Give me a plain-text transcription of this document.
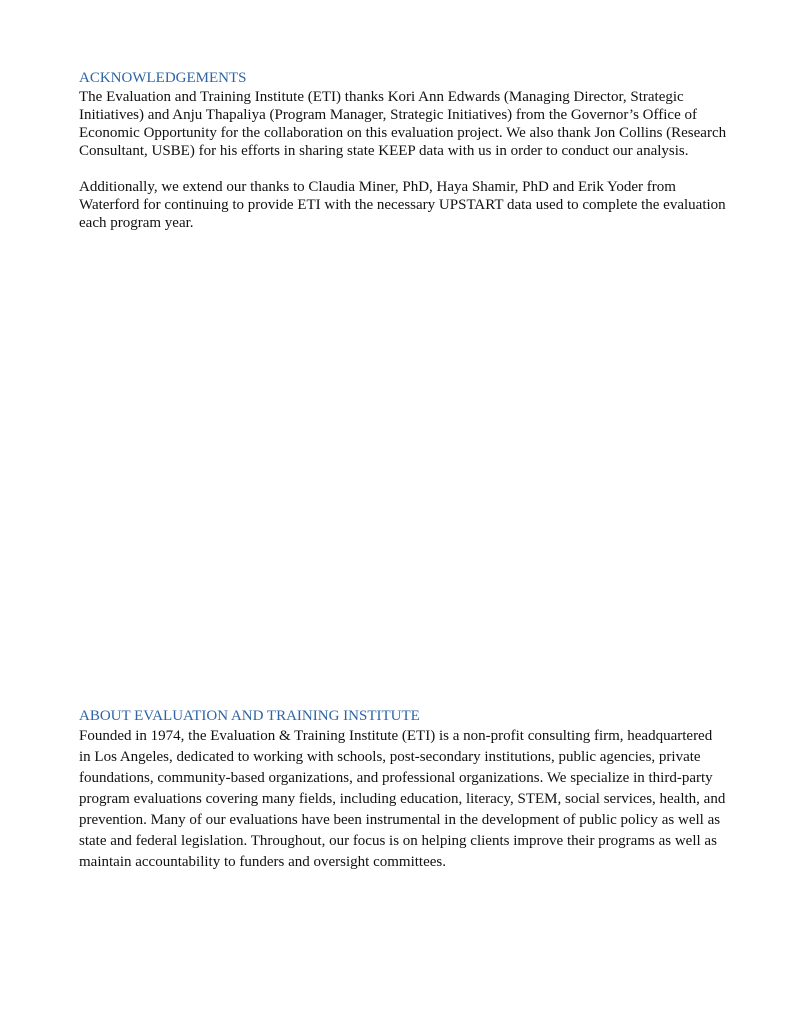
ACKNOWLEDGEMENTS

The Evaluation and Training Institute (ETI) thanks Kori Ann Edwards (Managing Director, Strategic Initiatives) and Anju Thapaliya (Program Manager, Strategic Initiatives) from the Governor’s Office of Economic Opportunity for the collaboration on this evaluation project. We also thank Jon Collins (Research Consultant, USBE) for his efforts in sharing state KEEP data with us in order to conduct our analysis.

Additionally, we extend our thanks to Claudia Miner, PhD, Haya Shamir, PhD and Erik Yoder from Waterford for continuing to provide ETI with the necessary UPSTART data used to complete the evaluation each program year.

ABOUT EVALUATION AND TRAINING INSTITUTE

Founded in 1974, the Evaluation & Training Institute (ETI) is a non-profit consulting firm, headquartered in Los Angeles, dedicated to working with schools, post-secondary institutions, public agencies, private foundations, community-based organizations, and professional organizations. We specialize in third-party program evaluations covering many fields, including education, literacy, STEM, social services, health, and prevention. Many of our evaluations have been instrumental in the development of public policy as well as state and federal legislation. Throughout, our focus is on helping clients improve their programs as well as maintain accountability to funders and oversight committees.
